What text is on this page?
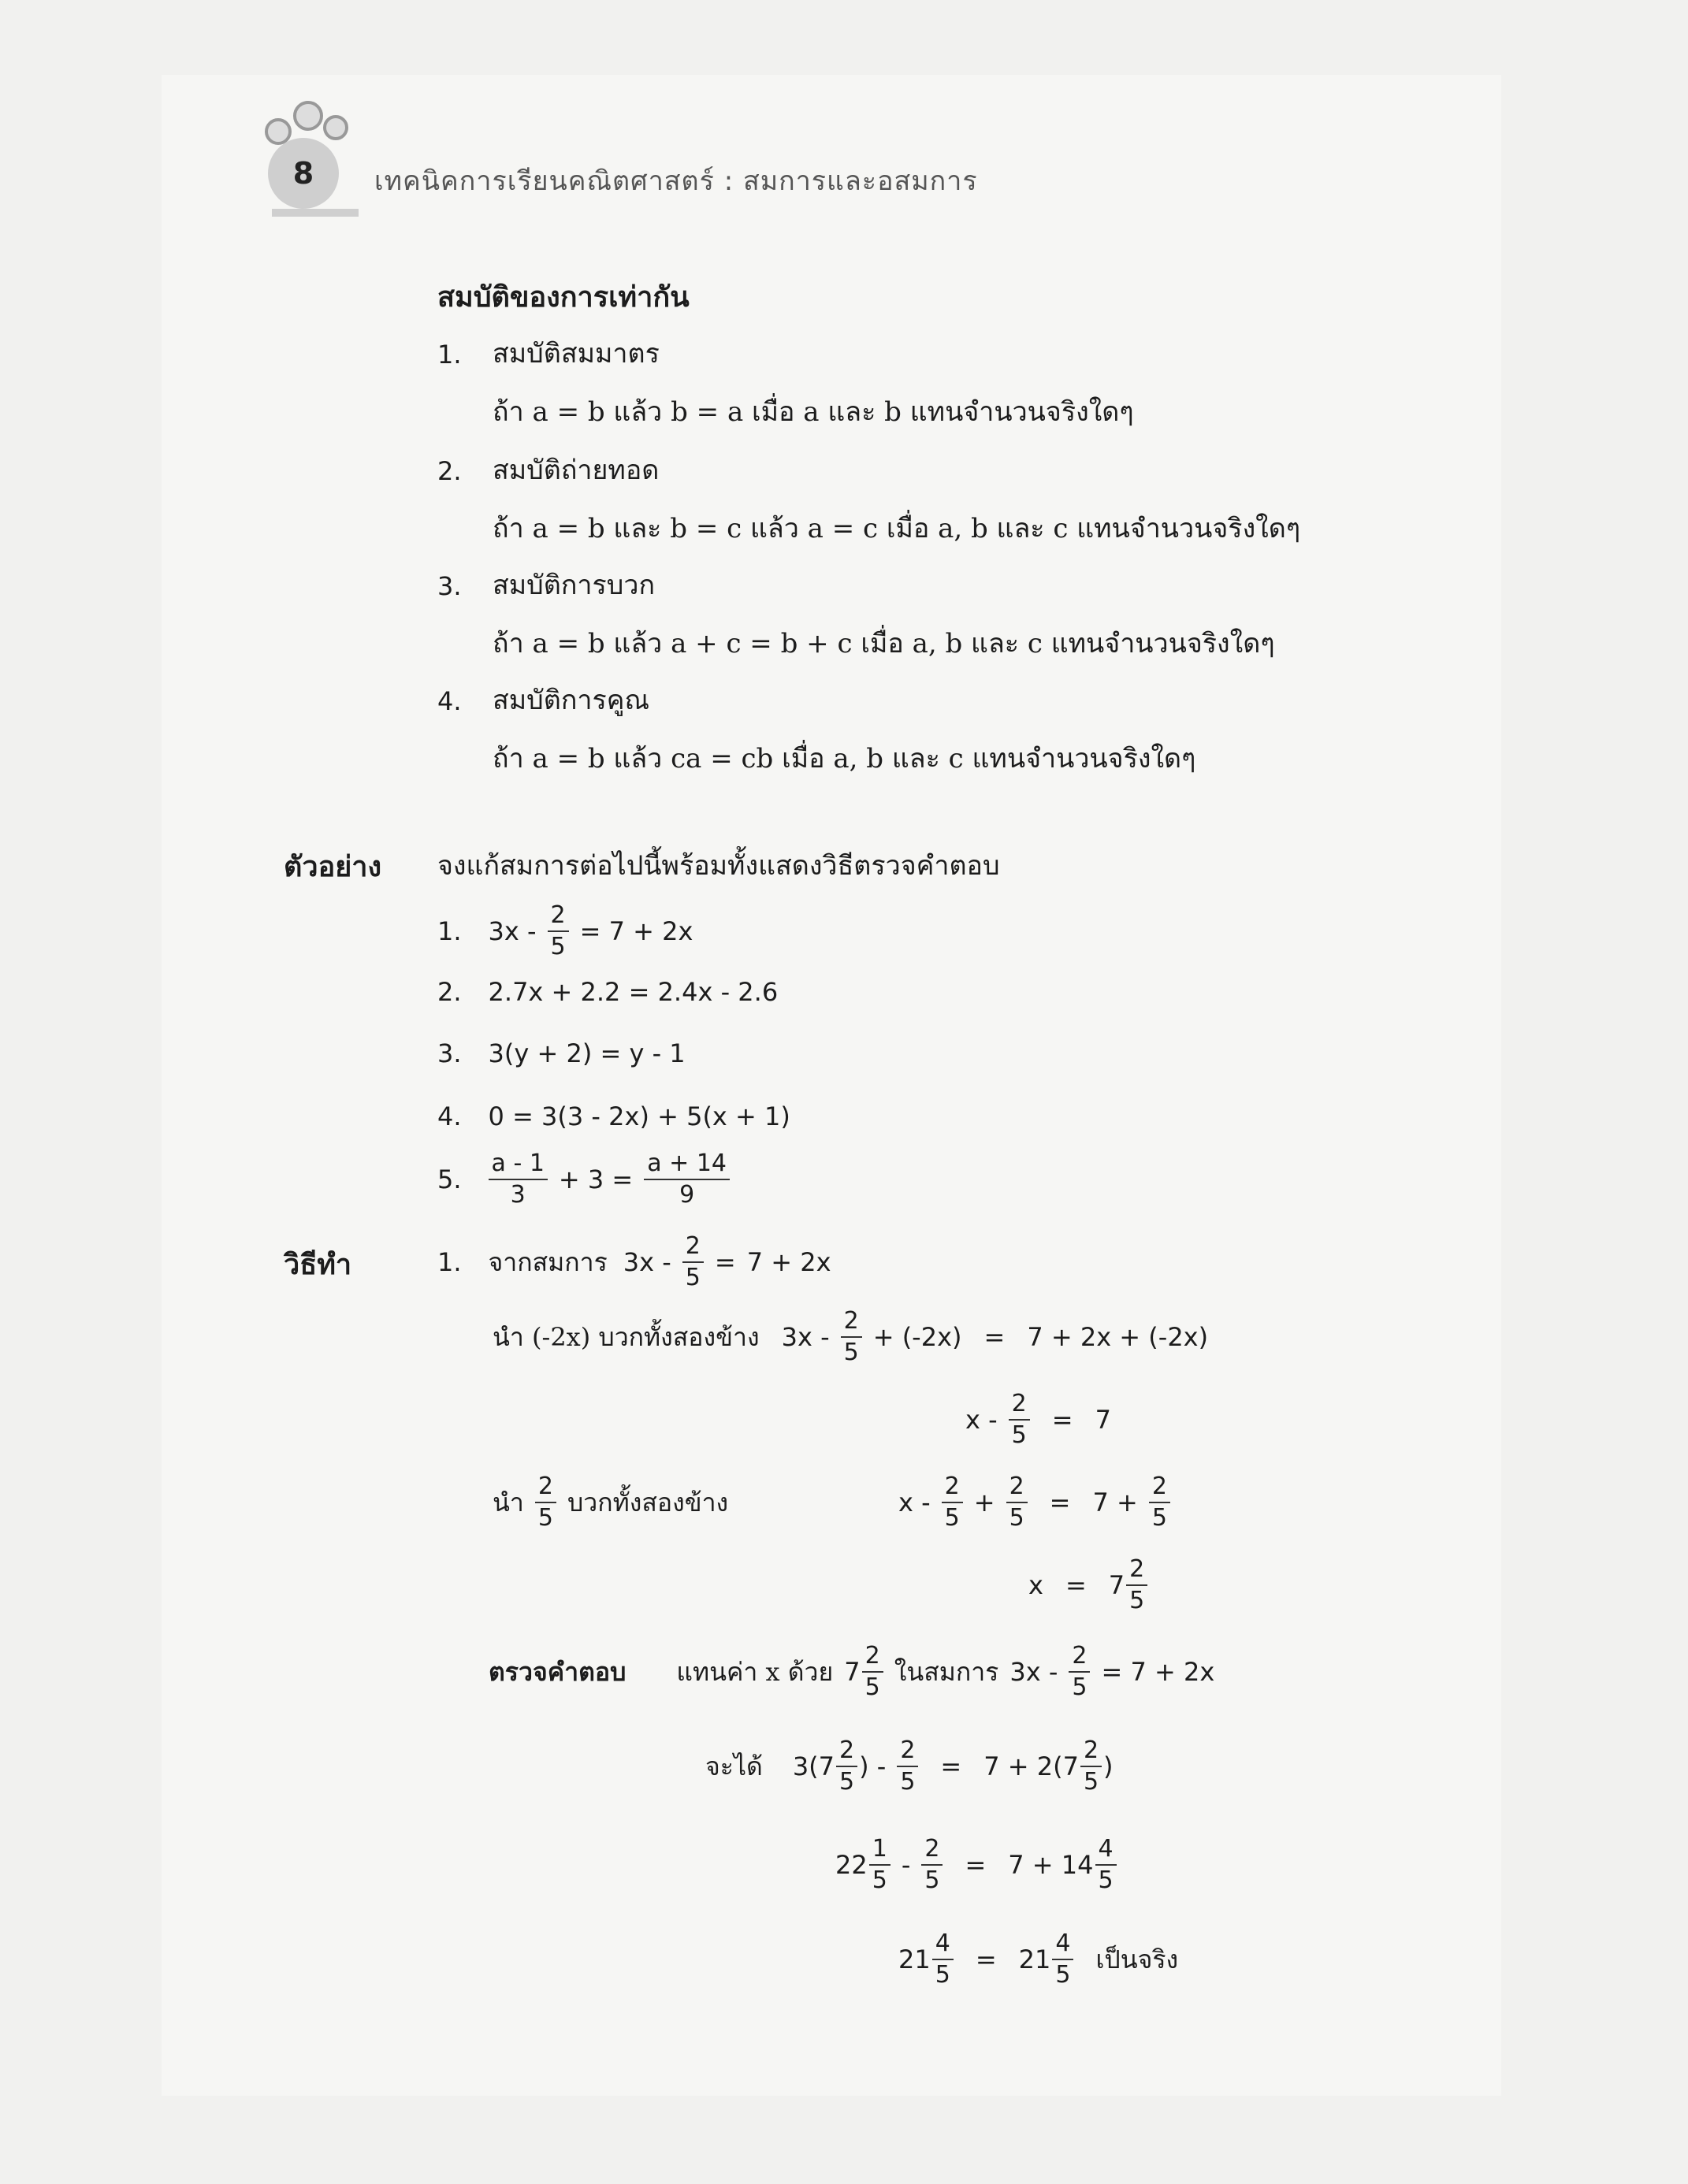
8 เทคนิคการเรียนคณิตศาสตร์ : สมการและอสมการ
สมบัติของการเท่ากัน
1. สมบัติสมมาตร
ถ้า a = b แล้ว b = a เมื่อ a และ b แทนจำนวนจริงใดๆ
2. สมบัติถ่ายทอด
ถ้า a = b และ b = c แล้ว a = c เมื่อ a, b และ c แทนจำนวนจริงใดๆ
3. สมบัติการบวก
ถ้า a = b แล้ว a + c = b + c เมื่อ a, b และ c แทนจำนวนจริงใดๆ
4. สมบัติการคูณ
ถ้า a = b แล้ว ca = cb เมื่อ a, b และ c แทนจำนวนจริงใดๆ
ตัวอย่าง จงแก้สมการต่อไปนี้พร้อมทั้งแสดงวิธีตรวจคำตอบ
1. $3x - \frac{2}{5} = 7 + 2x$
2. 2.7x + 2.2 = 2.4x - 2.6
3. 3(y + 2) = y - 1
4. 0 = 3(3 - 2x) + 5(x + 1)
5. $\frac{a - 1}{3} + 3 = \frac{a + 14}{9}$
วิธีทำ	1. จากสมการ $3x - \frac{2}{5} = 7 + 2x$
นำ (-2x) บวกทั้งสองข้าง $3x - \frac{2}{5} + (-2x) = 7 + 2x + (-2x)$
$x - \frac{2}{5} = 7$
นำ $\frac{2}{5}$ บวกทั้งสองข้าง	$x - \frac{2}{5} + \frac{2}{5} = 7 + \frac{2}{5}$
$x = 7 \frac{2}{5}$
ตรวจคำตอบ แทนค่า x ด้วย $7 \frac{2}{5}$ ในสมการ $3x - \frac{2}{5} = 7 + 2x$
จะได้ $3(7 \frac{2}{5}$ ) - $\frac{2}{5} = 7 + 2(7 \frac{2}{5}$ )
$22 \frac{1}{5} - \frac{2}{5} = 7 + 14 \frac{4}{5}$
$21 \frac{4}{5} = 21 \frac{4}{5}$ เป็นจริง
